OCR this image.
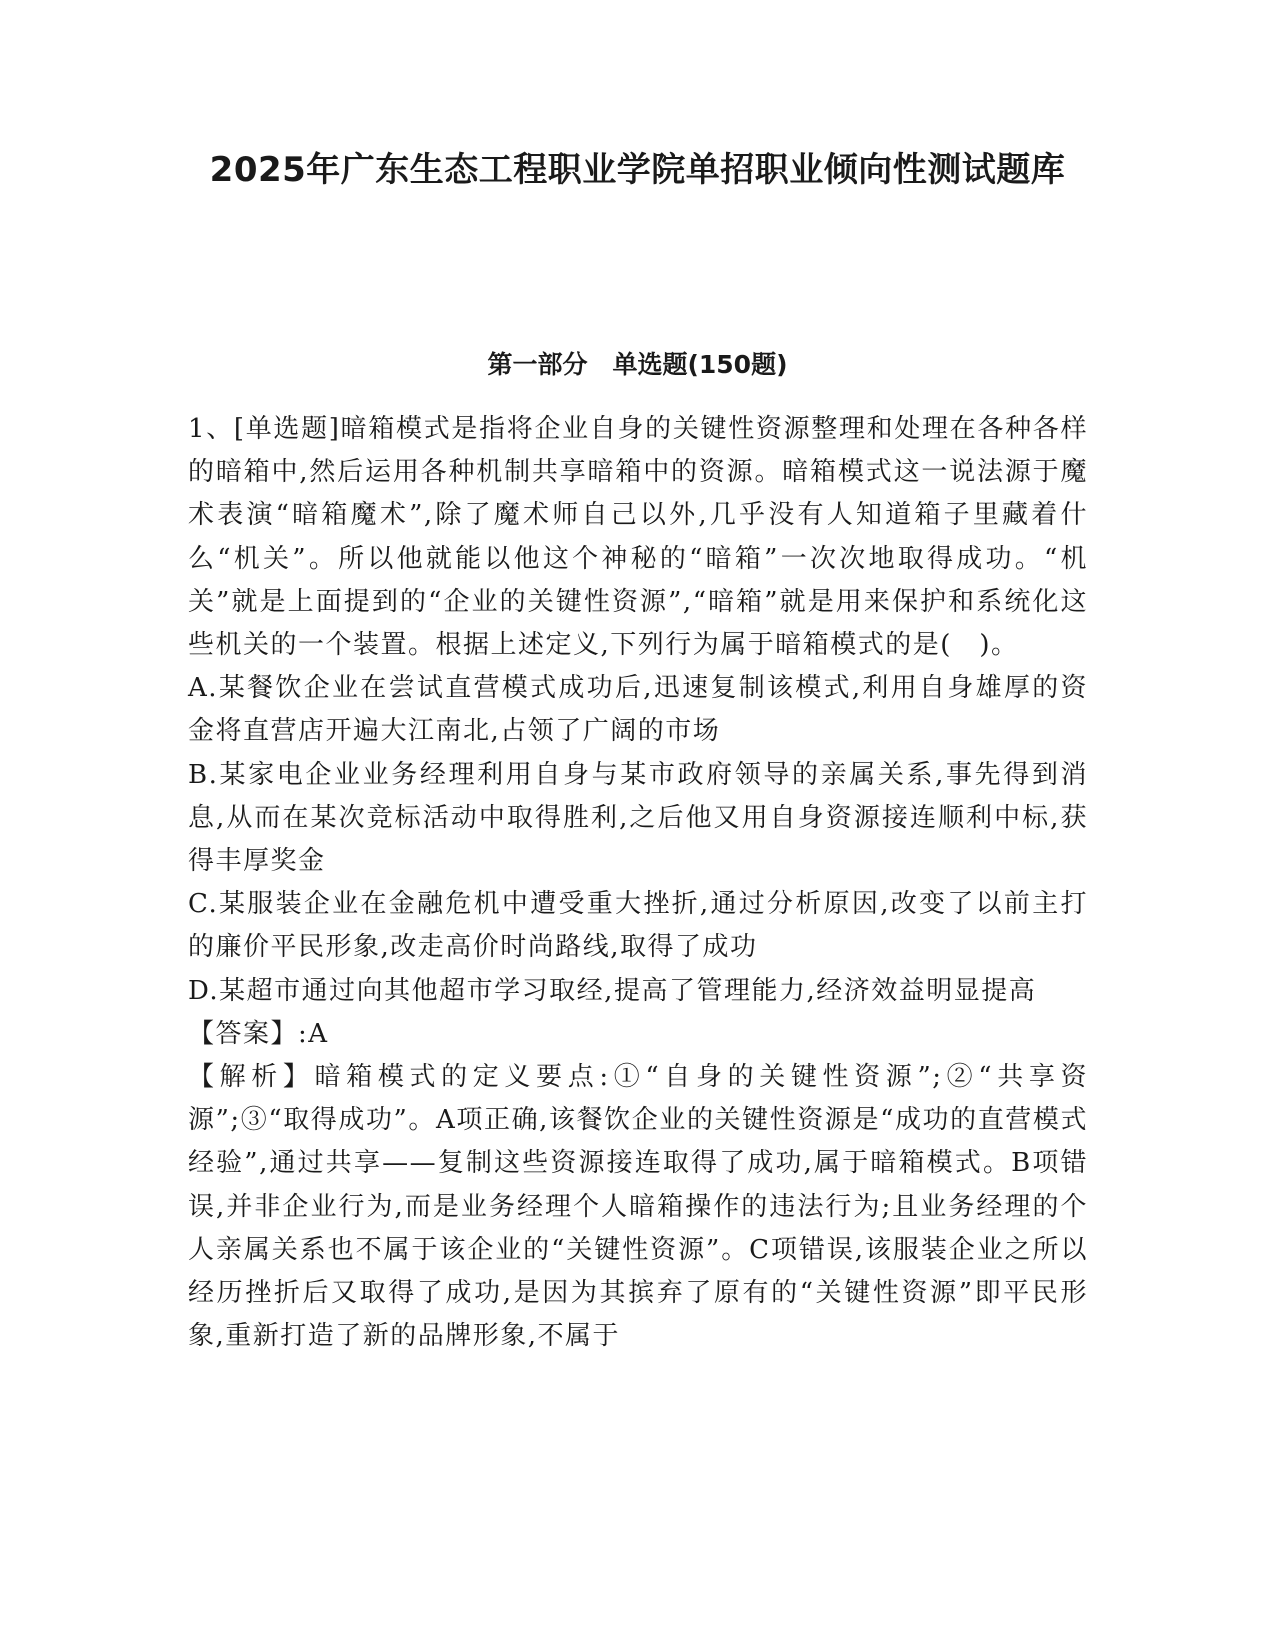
2025年广东生态工程职业学院单招职业倾向性测试题库
第一部分　单选题(150题)

1、[单选题]暗箱模式是指将企业自身的关键性资源整理和处理在各种各样的暗箱中,然后运用各种机制共享暗箱中的资源。暗箱模式这一说法源于魔术表演“暗箱魔术”,除了魔术师自己以外,几乎没有人知道箱子里藏着什么“机关”。所以他就能以他这个神秘的“暗箱”一次次地取得成功。“机关”就是上面提到的“企业的关键性资源”,“暗箱”就是用来保护和系统化这些机关的一个装置。根据上述定义,下列行为属于暗箱模式的是(　)。

A.某餐饮企业在尝试直营模式成功后,迅速复制该模式,利用自身雄厚的资金将直营店开遍大江南北,占领了广阔的市场

B.某家电企业业务经理利用自身与某市政府领导的亲属关系,事先得到消息,从而在某次竞标活动中取得胜利,之后他又用自身资源接连顺利中标,获得丰厚奖金

C.某服装企业在金融危机中遭受重大挫折,通过分析原因,改变了以前主打的廉价平民形象,改走高价时尚路线,取得了成功

D.某超市通过向其他超市学习取经,提高了管理能力,经济效益明显提高

【答案】:A

【解析】暗箱模式的定义要点:①“自身的关键性资源”;②“共享资源”;③“取得成功”。A项正确,该餐饮企业的关键性资源是“成功的直营模式经验”,通过共享——复制这些资源接连取得了成功,属于暗箱模式。B项错误,并非企业行为,而是业务经理个人暗箱操作的违法行为;且业务经理的个人亲属关系也不属于该企业的“关键性资源”。C项错误,该服装企业之所以经历挫折后又取得了成功,是因为其摈弃了原有的“关键性资源”即平民形象,重新打造了新的品牌形象,不属于
